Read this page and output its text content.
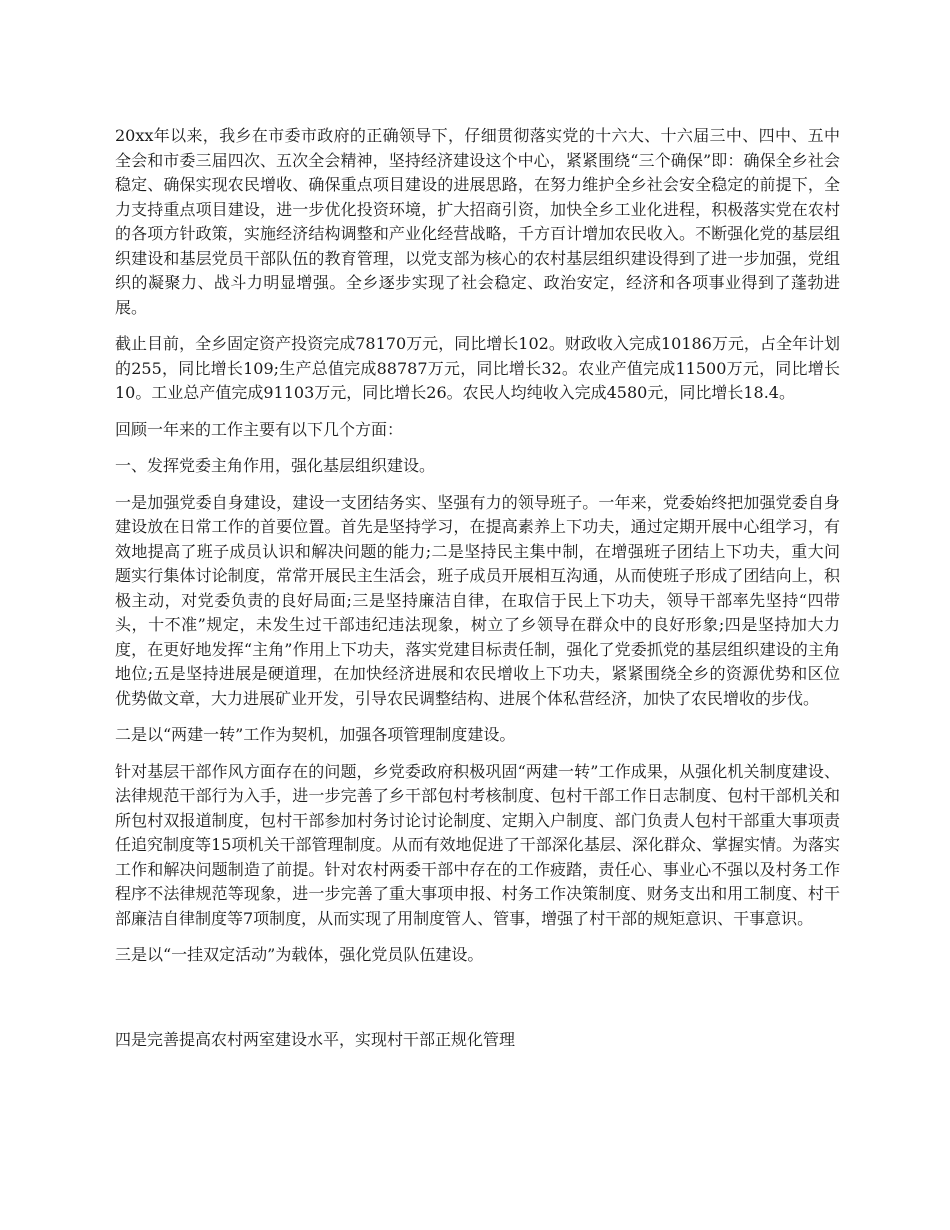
20xx年以来，我乡在市委市政府的正确领导下，仔细贯彻落实党的十六大、十六届三中、四中、五中全会和市委三届四次、五次全会精神，坚持经济建设这个中心，紧紧围绕“三个确保”即：确保全乡社会稳定、确保实现农民增收、确保重点项目建设的进展思路，在努力维护全乡社会安全稳定的前提下，全力支持重点项目建设，进一步优化投资环境，扩大招商引资，加快全乡工业化进程，积极落实党在农村的各项方针政策，实施经济结构调整和产业化经营战略，千方百计增加农民收入。不断强化党的基层组织建设和基层党员干部队伍的教育管理，以党支部为核心的农村基层组织建设得到了进一步加强，党组织的凝聚力、战斗力明显增强。全乡逐步实现了社会稳定、政治安定，经济和各项事业得到了蓬勃进展。

截止目前，全乡固定资产投资完成78170万元，同比增长102。财政收入完成10186万元，占全年计划的255，同比增长109;生产总值完成88787万元，同比增长32。农业产值完成11500万元，同比增长10。工业总产值完成91103万元，同比增长26。农民人均纯收入完成4580元，同比增长18.4。

回顾一年来的工作主要有以下几个方面：

一、发挥党委主角作用，强化基层组织建设。

一是加强党委自身建设，建设一支团结务实、坚强有力的领导班子。一年来，党委始终把加强党委自身建设放在日常工作的首要位置。首先是坚持学习，在提高素养上下功夫，通过定期开展中心组学习，有效地提高了班子成员认识和解决问题的能力;二是坚持民主集中制，在增强班子团结上下功夫，重大问题实行集体讨论制度，常常开展民主生活会，班子成员开展相互沟通，从而使班子形成了团结向上，积极主动，对党委负责的良好局面;三是坚持廉洁自律，在取信于民上下功夫，领导干部率先坚持“四带头，十不准”规定，未发生过干部违纪违法现象，树立了乡领导在群众中的良好形象;四是坚持加大力度，在更好地发挥“主角”作用上下功夫，落实党建目标责任制，强化了党委抓党的基层组织建设的主角地位;五是坚持进展是硬道理，在加快经济进展和农民增收上下功夫，紧紧围绕全乡的资源优势和区位优势做文章，大力进展矿业开发，引导农民调整结构、进展个体私营经济，加快了农民增收的步伐。

二是以“两建一转”工作为契机，加强各项管理制度建设。

针对基层干部作风方面存在的问题，乡党委政府积极巩固“两建一转”工作成果，从强化机关制度建设、法律规范干部行为入手，进一步完善了乡干部包村考核制度、包村干部工作日志制度、包村干部机关和所包村双报道制度，包村干部参加村务讨论讨论制度、定期入户制度、部门负责人包村干部重大事项责任追究制度等15项机关干部管理制度。从而有效地促进了干部深化基层、深化群众、掌握实情。为落实工作和解决问题制造了前提。针对农村两委干部中存在的工作疲踏，责任心、事业心不强以及村务工作程序不法律规范等现象，进一步完善了重大事项申报、村务工作决策制度、财务支出和用工制度、村干部廉洁自律制度等7项制度，从而实现了用制度管人、管事，增强了村干部的规矩意识、干事意识。

三是以“一挂双定活动”为载体，强化党员队伍建设。

四是完善提高农村两室建设水平，实现村干部正规化管理
